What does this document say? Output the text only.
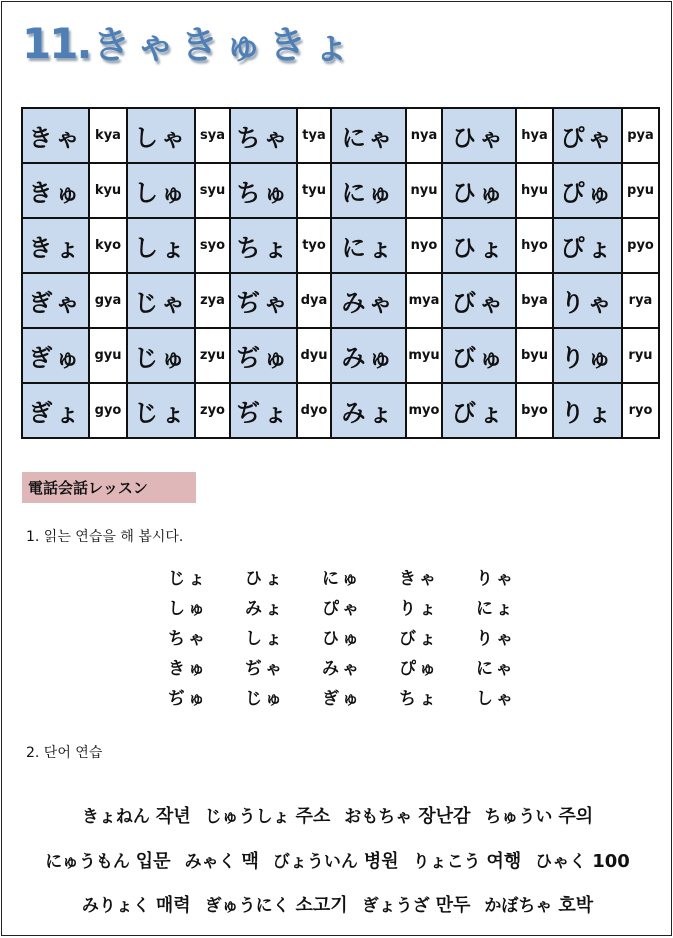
11. きゃきゅきょ
きゃ	kya	しゃ	sya	ちゃ	tya	にゃ	nya	ひゃ	hya	ぴゃ	pya
きゅ	kyu	しゅ	syu	ちゅ	tyu	にゅ	nyu	ひゅ	hyu	ぴゅ	pyu
きょ	kyo	しょ	syo	ちょ	tyo	にょ	nyo	ひょ	hyo	ぴょ	pyo
ぎゃ	gya	じゃ	zya	ぢゃ	dya	みゃ	mya	びゃ	bya	りゃ	rya
ぎゅ	gyu	じゅ	zyu	ぢゅ	dyu	みゅ	myu	びゅ	byu	りゅ	ryu
ぎょ	gyo	じょ	zyo	ぢょ	dyo	みょ	myo	びょ	byo	りょ	ryo
電話会話レッスン
1. 읽는 연습을 해 봅시다.
じょ	ひょ	にゅ	きゃ	りゃ
しゅ	みょ	ぴゃ	りょ	にょ
ちゃ	しょ	ひゅ	びょ	りゃ
きゅ	ぢゃ	みゃ	ぴゅ	にゃ
ぢゅ	じゅ	ぎゅ	ちょ	しゃ
2. 단어 연습
きょねん 작년 じゅうしょ 주소 おもちゃ 장난감 ちゅうい 주의
にゅうもん 입문 みゃく 맥 びょういん 병원 りょこう 여행 ひゃく 100
みりょく 매력 ぎゅうにく 소고기 ぎょうざ 만두 かぼちゃ 호박
